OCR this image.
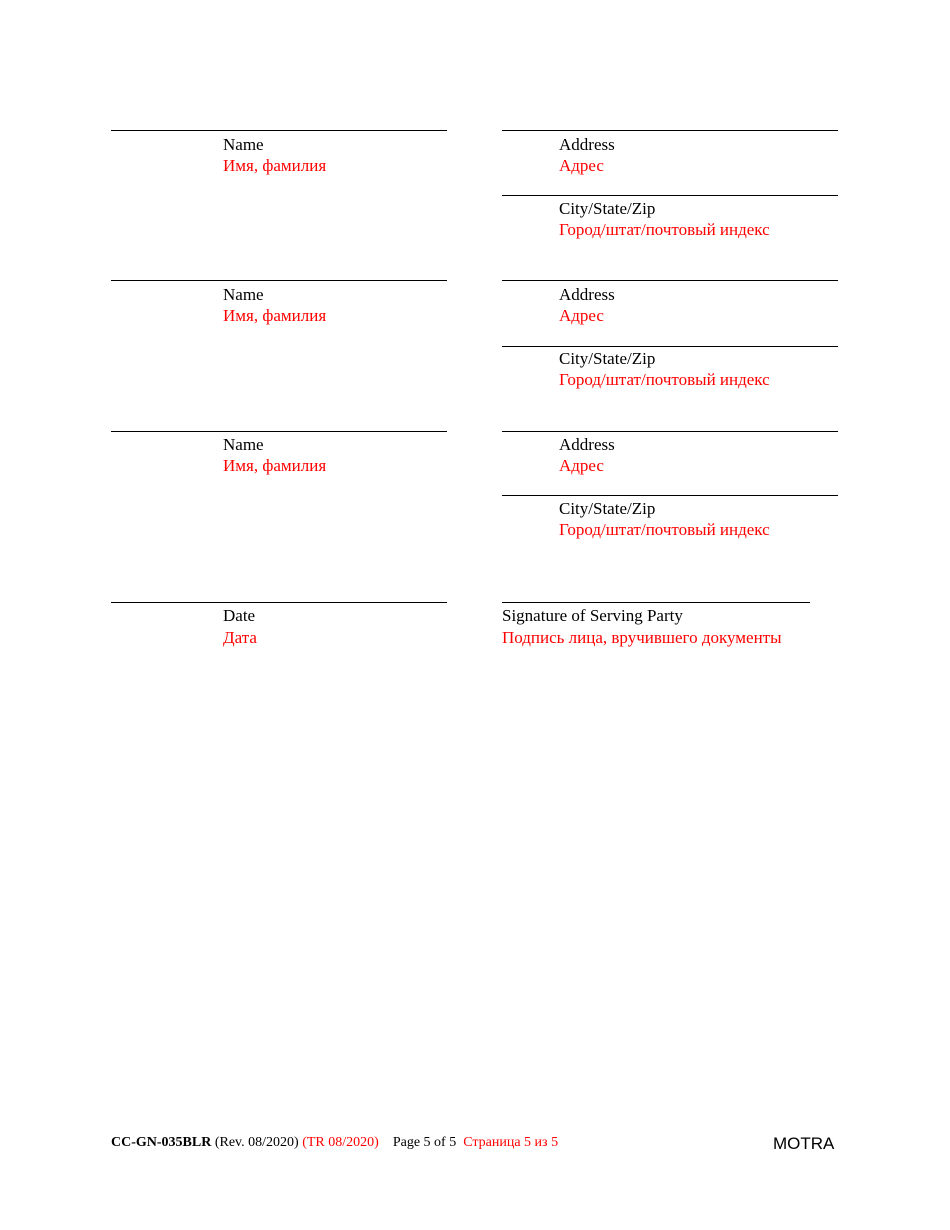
Name
Имя, фамилия
Address
Адрес
City/State/Zip
Город/штат/почтовый индекс
Name
Имя, фамилия
Address
Адрес
City/State/Zip
Город/штат/почтовый индекс
Name
Имя, фамилия
Address
Адрес
City/State/Zip
Город/штат/почтовый индекс
Date
Дата
Signature of Serving Party
Подпись лица, вручившего документы
CC-GN-035BLR (Rev. 08/2020) (TR 08/2020) Page 5 of 5 Страница 5 из 5	MOTRA
